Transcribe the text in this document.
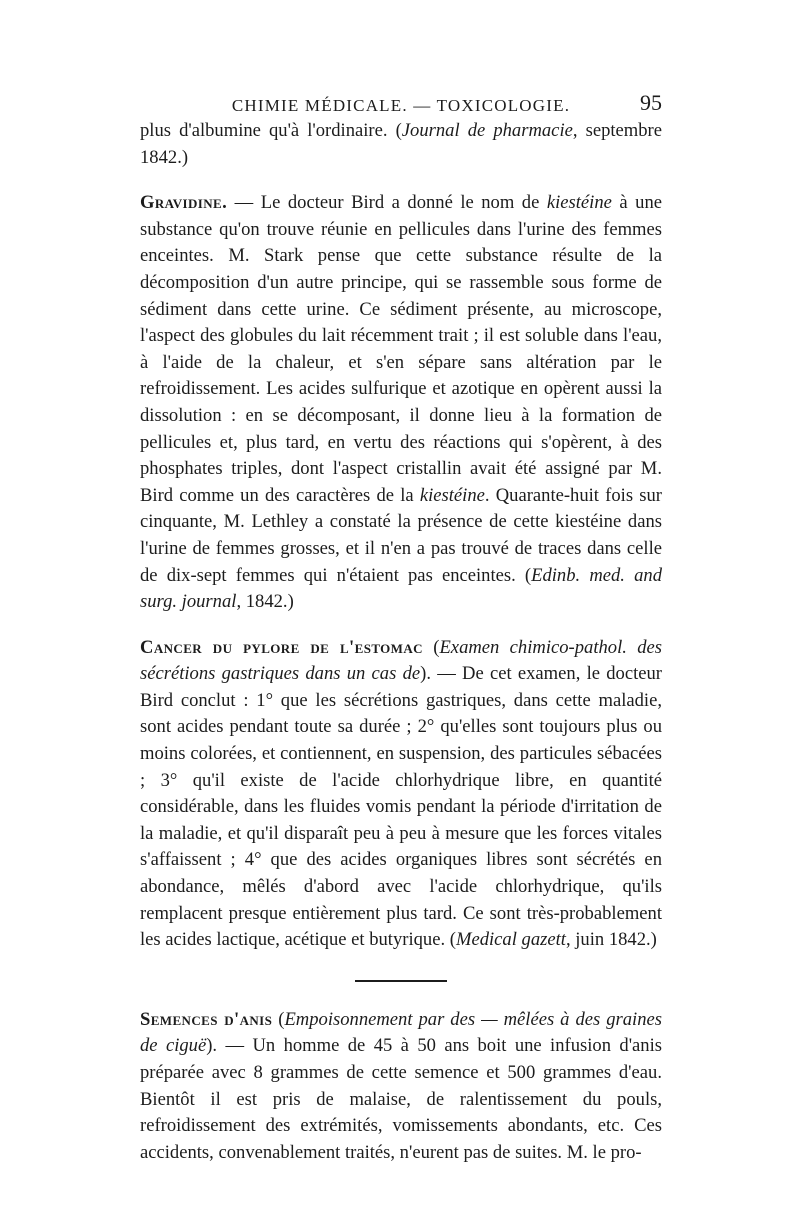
CHIMIE MÉDICALE. — TOXICOLOGIE.	95

plus d'albumine qu'à l'ordinaire. (Journal de pharmacie, septembre 1842.)

Gravidine. — Le docteur Bird a donné le nom de kiestéine à une substance qu'on trouve réunie en pellicules dans l'urine des femmes enceintes. M. Stark pense que cette substance résulte de la décomposition d'un autre principe, qui se rassemble sous forme de sédiment dans cette urine. Ce sédiment présente, au microscope, l'aspect des globules du lait récemment trait ; il est soluble dans l'eau, à l'aide de la chaleur, et s'en sépare sans altération par le refroidissement. Les acides sulfurique et azotique en opèrent aussi la dissolution : en se décomposant, il donne lieu à la formation de pellicules et, plus tard, en vertu des réactions qui s'opèrent, à des phosphates triples, dont l'aspect cristallin avait été assigné par M. Bird comme un des caractères de la kiestéine. Quarante-huit fois sur cinquante, M. Lethley a constaté la présence de cette kiestéine dans l'urine de femmes grosses, et il n'en a pas trouvé de traces dans celle de dix-sept femmes qui n'étaient pas enceintes. (Edinb. med. and surg. journal, 1842.)

Cancer du pylore de l'estomac (Examen chimico-pathol. des sécrétions gastriques dans un cas de). — De cet examen, le docteur Bird conclut : 1° que les sécrétions gastriques, dans cette maladie, sont acides pendant toute sa durée ; 2° qu'elles sont toujours plus ou moins colorées, et contiennent, en suspension, des particules sébacées ; 3° qu'il existe de l'acide chlorhydrique libre, en quantité considérable, dans les fluides vomis pendant la période d'irritation de la maladie, et qu'il disparaît peu à peu à mesure que les forces vitales s'affaissent ; 4° que des acides organiques libres sont sécrétés en abondance, mêlés d'abord avec l'acide chlorhydrique, qu'ils remplacent presque entièrement plus tard. Ce sont très-probablement les acides lactique, acétique et butyrique. (Medical gazett, juin 1842.)

Semences d'anis (Empoisonnement par des — mêlées à des graines de ciguë). — Un homme de 45 à 50 ans boit une infusion d'anis préparée avec 8 grammes de cette semence et 500 grammes d'eau. Bientôt il est pris de malaise, de ralentissement du pouls, refroidissement des extrémités, vomissements abondants, etc. Ces accidents, convenablement traités, n'eurent pas de suites. M. le pro-
